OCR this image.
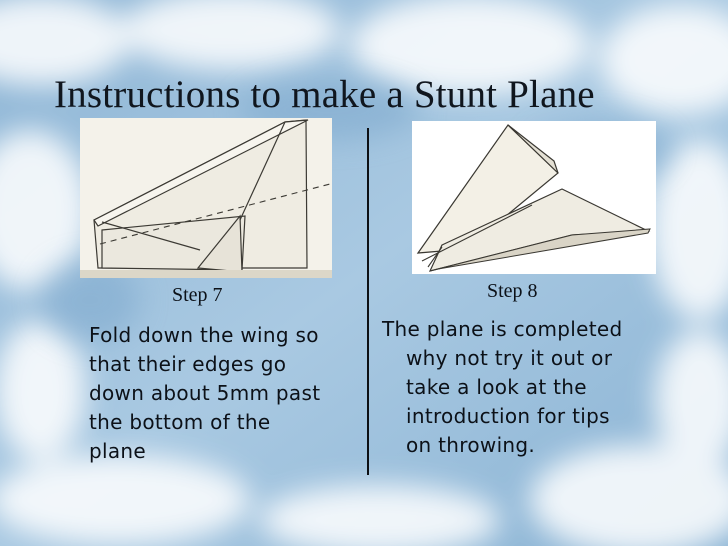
Instructions to make a Stunt Plane
Step 7	Step 8
Fold down the wing so
that their edges go
down about 5mm past
the bottom of the
plane
The plane is completed
why not try it out or
take a look at the
introduction for tips
on throwing.
